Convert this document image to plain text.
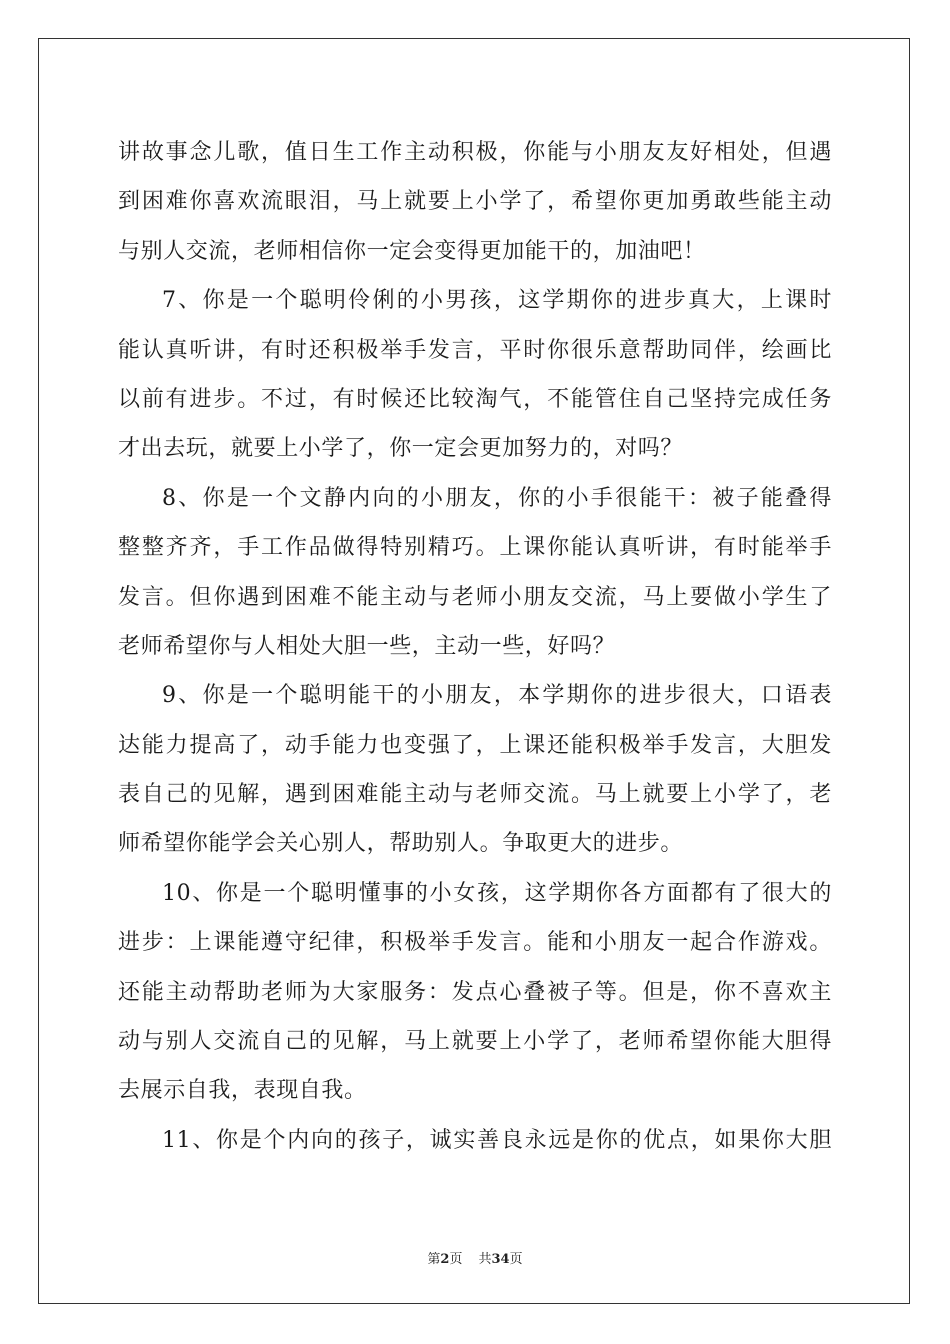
讲故事念儿歌，值日生工作主动积极，你能与小朋友友好相处，但遇
到困难你喜欢流眼泪，马上就要上小学了，希望你更加勇敢些能主动
与别人交流，老师相信你一定会变得更加能干的，加油吧！
7、你是一个聪明伶俐的小男孩，这学期你的进步真大，上课时
能认真听讲，有时还积极举手发言，平时你很乐意帮助同伴，绘画比
以前有进步。不过，有时候还比较淘气，不能管住自己坚持完成任务
才出去玩，就要上小学了，你一定会更加努力的，对吗？
8、你是一个文静内向的小朋友，你的小手很能干：被子能叠得
整整齐齐，手工作品做得特别精巧。上课你能认真听讲，有时能举手
发言。但你遇到困难不能主动与老师小朋友交流，马上要做小学生了
老师希望你与人相处大胆一些，主动一些，好吗？
9、你是一个聪明能干的小朋友，本学期你的进步很大，口语表
达能力提高了，动手能力也变强了，上课还能积极举手发言，大胆发
表自己的见解，遇到困难能主动与老师交流。马上就要上小学了，老
师希望你能学会关心别人，帮助别人。争取更大的进步。
10、你是一个聪明懂事的小女孩，这学期你各方面都有了很大的
进步：上课能遵守纪律，积极举手发言。能和小朋友一起合作游戏。
还能主动帮助老师为大家服务：发点心叠被子等。但是，你不喜欢主
动与别人交流自己的见解，马上就要上小学了，老师希望你能大胆得
去展示自我，表现自我。
11、你是个内向的孩子，诚实善良永远是你的优点，如果你大胆
第2页 共34页
